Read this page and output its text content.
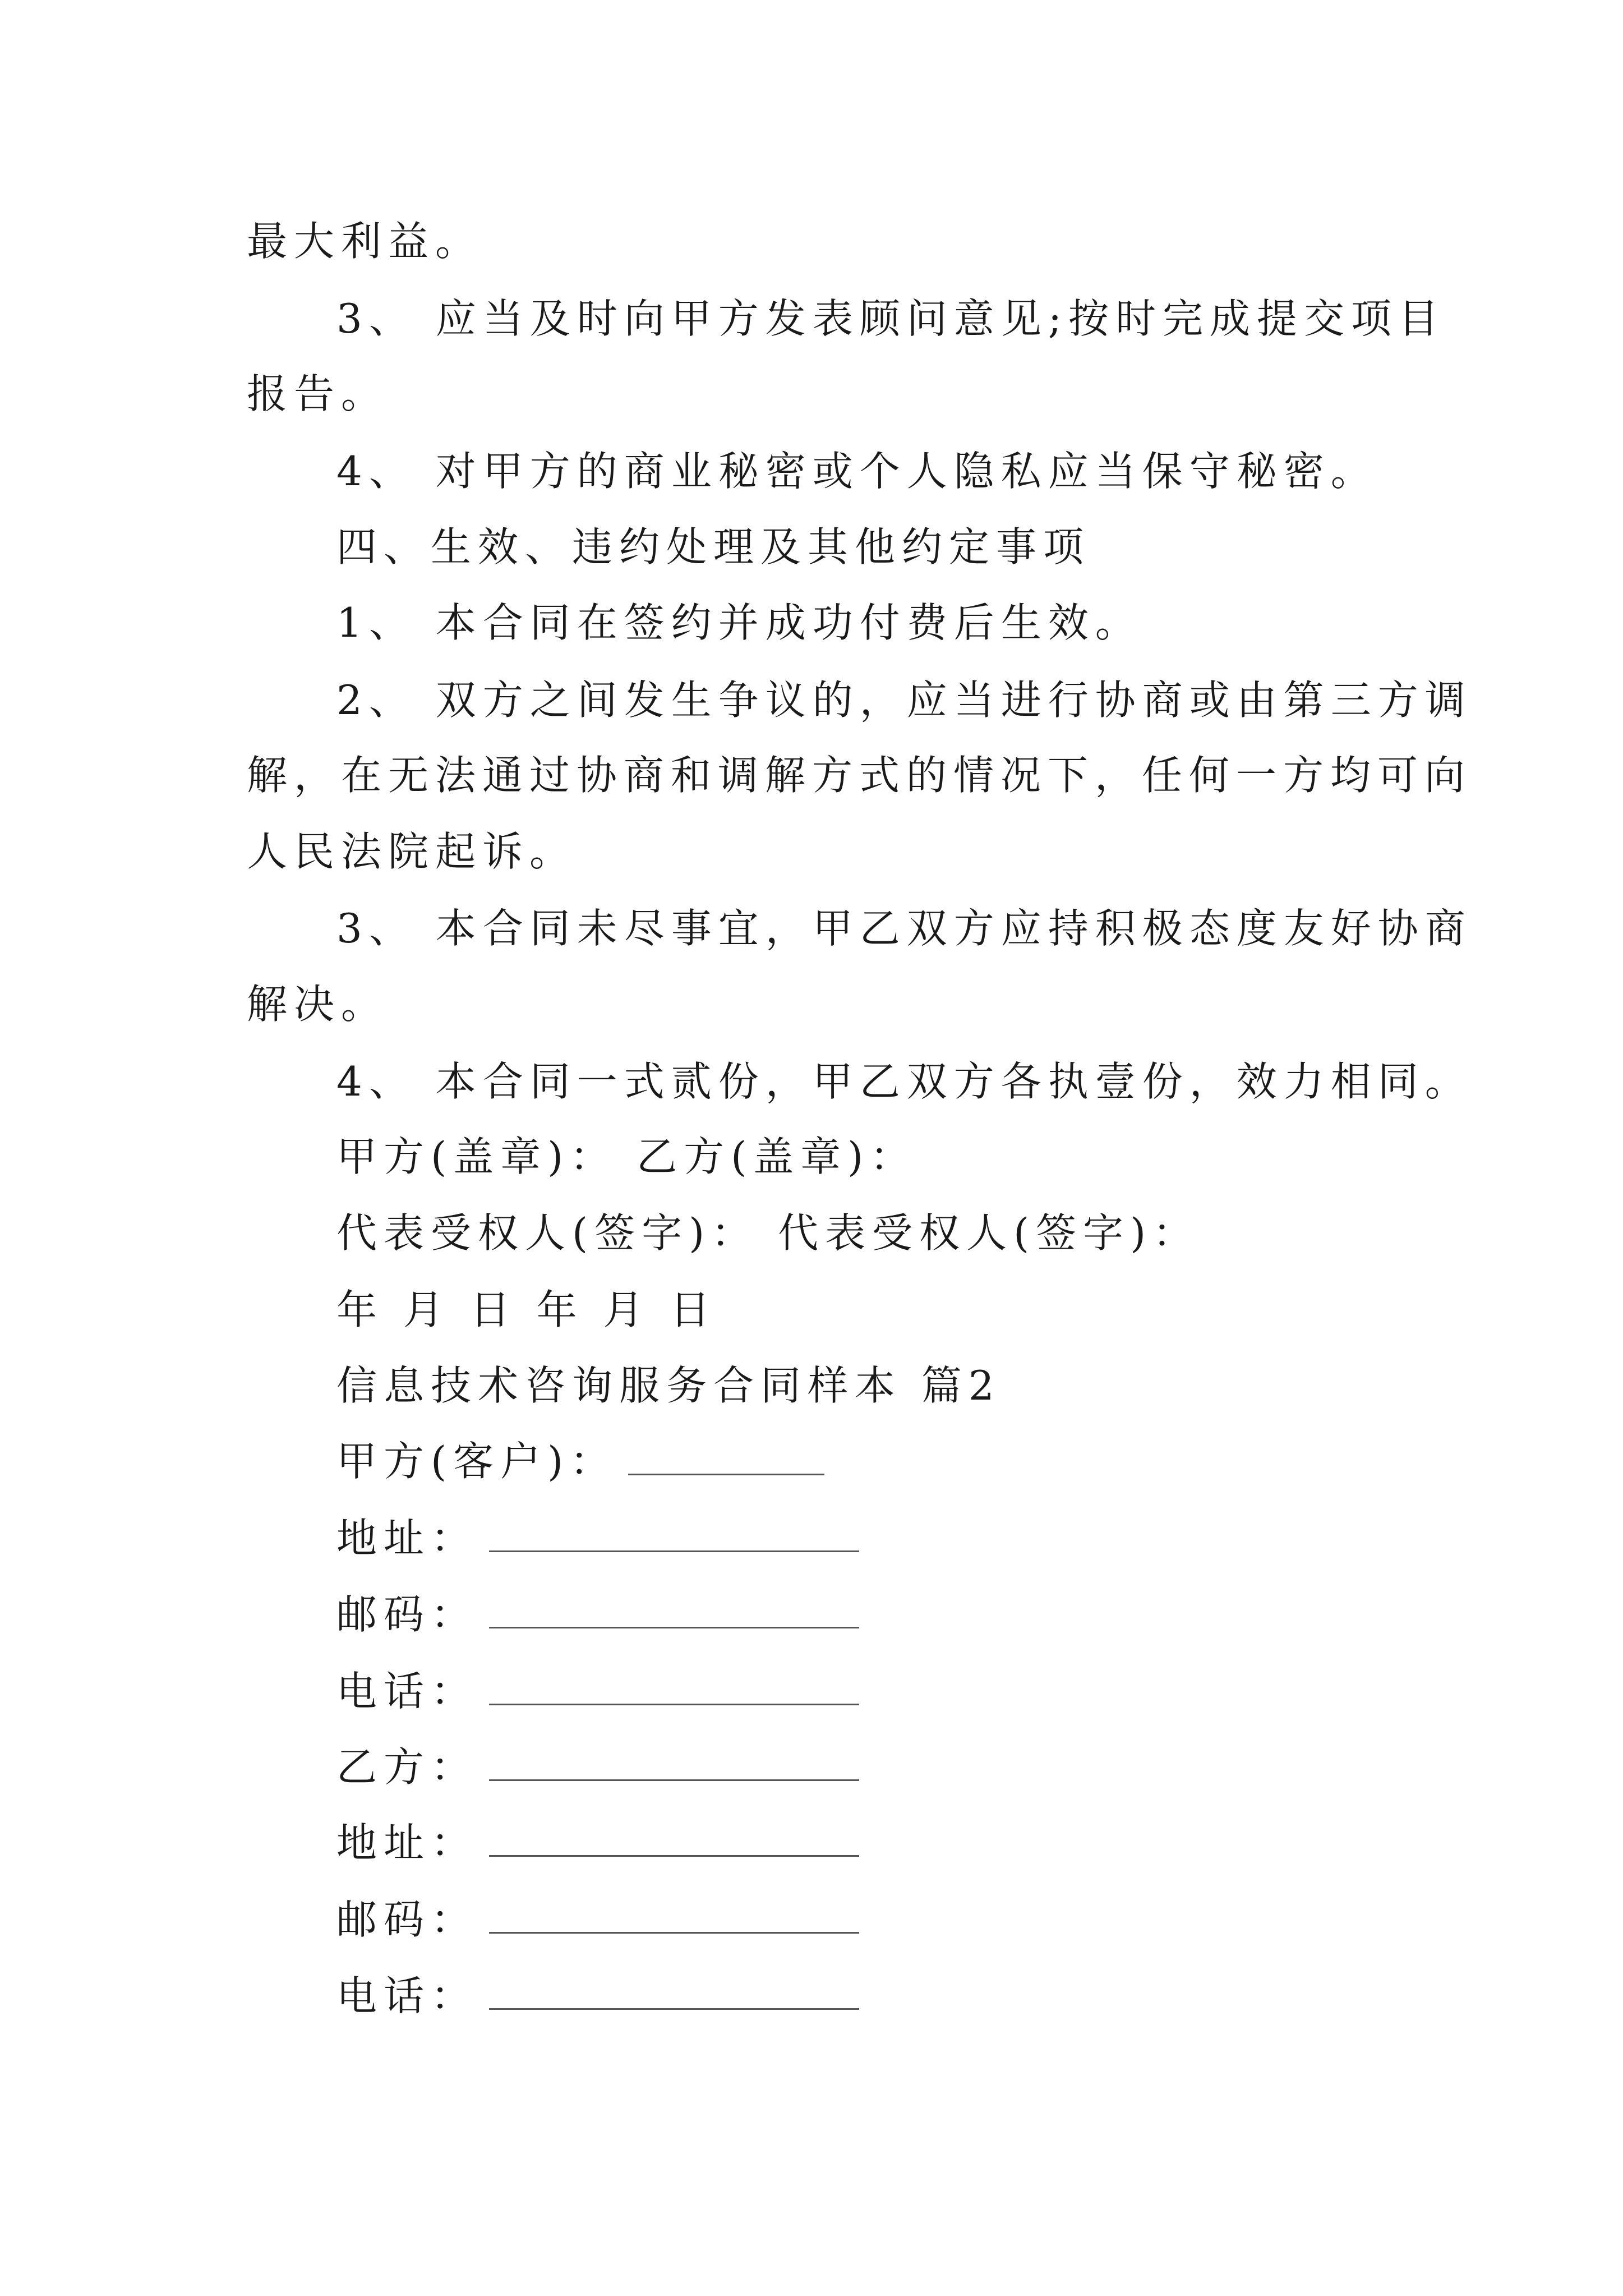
最大利益。
3、 应当及时向甲方发表顾问意见;按时完成提交项目
报告。
4、 对甲方的商业秘密或个人隐私应当保守秘密。
四、生效、违约处理及其他约定事项
1、 本合同在签约并成功付费后生效。
2、 双方之间发生争议的，应当进行协商或由第三方调
解，在无法通过协商和调解方式的情况下，任何一方均可向
人民法院起诉。
3、 本合同未尽事宜，甲乙双方应持积极态度友好协商
解决。
4、 本合同一式贰份，甲乙双方各执壹份，效力相同。
甲方(盖章)： 乙方(盖章)：
代表受权人(签字)： 代表受权人(签字)：
年 月 日 年 月 日
信息技术咨询服务合同样本 篇2
甲方(客户)：
地址：
邮码：
电话：
乙方：
地址：
邮码：
电话：
